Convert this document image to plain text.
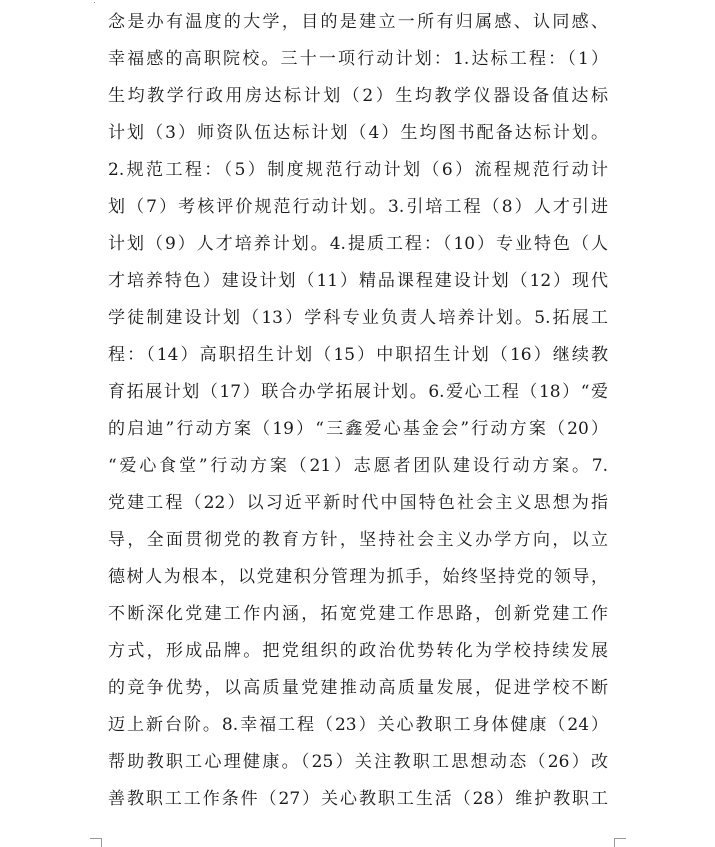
念是办有温度的大学，目的是建立一所有归属感、认同感、
幸福感的高职院校。三十一项行动计划：1.达标工程：（1）
生均教学行政用房达标计划（2）生均教学仪器设备值达标
计划（3）师资队伍达标计划（4）生均图书配备达标计划。
2.规范工程：（5）制度规范行动计划（6）流程规范行动计
划（7）考核评价规范行动计划。3.引培工程（8）人才引进
计划（9）人才培养计划。4.提质工程：（10）专业特色（人
才培养特色）建设计划（11）精品课程建设计划（12）现代
学徒制建设计划（13）学科专业负责人培养计划。5.拓展工
程：（14）高职招生计划（15）中职招生计划（16）继续教
育拓展计划（17）联合办学拓展计划。6.爱心工程（18）“爱
的启迪”行动方案（19）“三鑫爱心基金会”行动方案（20）
“爱心食堂”行动方案（21）志愿者团队建设行动方案。7.
党建工程（22）以习近平新时代中国特色社会主义思想为指
导，全面贯彻党的教育方针，坚持社会主义办学方向，以立
德树人为根本，以党建积分管理为抓手，始终坚持党的领导，
不断深化党建工作内涵，拓宽党建工作思路，创新党建工作
方式，形成品牌。把党组织的政治优势转化为学校持续发展
的竞争优势，以高质量党建推动高质量发展，促进学校不断
迈上新台阶。8.幸福工程（23）关心教职工身体健康（24）
帮助教职工心理健康。（25）关注教职工思想动态（26）改
善教职工工作条件（27）关心教职工生活（28）维护教职工
